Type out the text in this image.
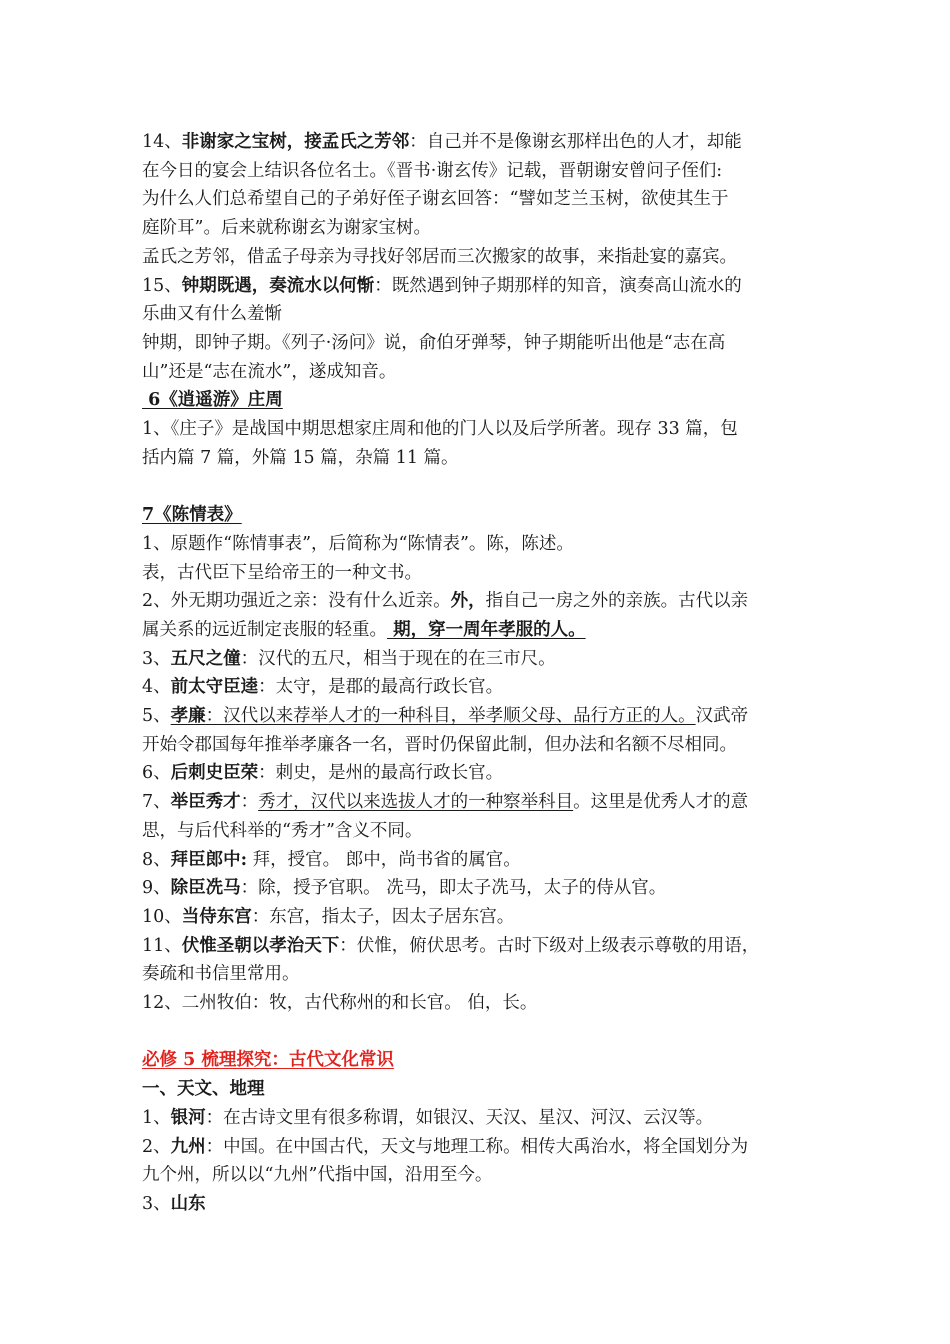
14、非谢家之宝树，接孟氏之芳邻：自己并不是像谢玄那样出色的人才，却能

在今日的宴会上结识各位名士。《晋书·谢玄传》记载，晋朝谢安曾问子侄们:

为什么人们总希望自己的子弟好侄子谢玄回答：“譬如芝兰玉树，欲使其生于

庭阶耳”。后来就称谢玄为谢家宝树。

孟氏之芳邻，借孟子母亲为寻找好邻居而三次搬家的故事，来指赴宴的嘉宾。

15、钟期既遇，奏流水以何惭：既然遇到钟子期那样的知音，演奏高山流水的

乐曲又有什么羞惭

钟期，即钟子期。《列子·汤问》说，俞伯牙弹琴，钟子期能听出他是“志在高

山”还是“志在流水”，遂成知音。

6《逍遥游》庄周

1、《庄子》是战国中期思想家庄周和他的门人以及后学所著。现存 33 篇，包

括内篇 7 篇，外篇 15 篇，杂篇 11 篇。

7《陈情表》

1、原题作“陈情事表”，后简称为“陈情表”。陈，陈述。

表，古代臣下呈给帝王的一种文书。

2、外无期功强近之亲：没有什么近亲。外，指自己一房之外的亲族。古代以亲

属关系的远近制定丧服的轻重。 期，穿一周年孝服的人。

3、五尺之僮：汉代的五尺，相当于现在的在三市尺。

4、前太守臣逵：太守，是郡的最高行政长官。

5、孝廉：汉代以来荐举人才的一种科目，举孝顺父母、品行方正的人。汉武帝

开始令郡国每年推举孝廉各一名，晋时仍保留此制，但办法和名额不尽相同。

6、后刺史臣荣：刺史，是州的最高行政长官。

7、举臣秀才：秀才，汉代以来选拔人才的一种察举科目。这里是优秀人才的意

思，与后代科举的“秀才”含义不同。

8、拜臣郎中: 拜，授官。 郎中，尚书省的属官。

9、除臣冼马：除，授予官职。 冼马，即太子冼马，太子的侍从官。

10、当侍东宫：东宫，指太子，因太子居东宫。

11、伏惟圣朝以孝治天下：伏惟，俯伏思考。古时下级对上级表示尊敬的用语，

奏疏和书信里常用。

12、二州牧伯：牧，古代称州的和长官。 伯，长。

必修 5 梳理探究：古代文化常识

一、天文、地理

1、银河：在古诗文里有很多称谓，如银汉、天汉、星汉、河汉、云汉等。

2、九州：中国。在中国古代，天文与地理工称。相传大禹治水，将全国划分为

九个州，所以以“九州”代指中国，沿用至今。

3、山东
